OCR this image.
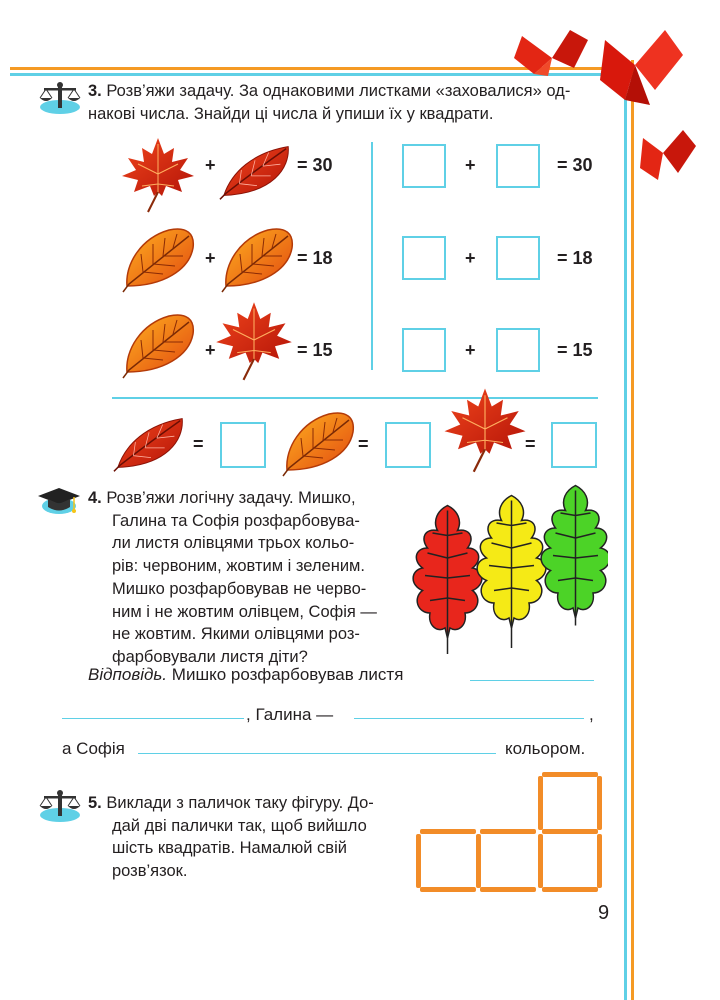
3. Розв’яжи задачу. За однаковими листками «заховалися» од-
накові числа. Знайди ці числа й упиши їх у квадрати.
+	= 30
+	= 18
+	= 15
+	= 30
+	= 18
+	= 15
=	=	=
4. Розв’яжи логічну задачу. Мишко,
Галина та Софія розфарбовува-
ли листя олівцями трьох кольо-
рів: червоним, жовтим і зеленим.
Мишко розфарбовував не черво-
ним і не жовтим олівцем, Софія —
не жовтим. Якими олівцями роз-
фарбовували листя діти?
Відповідь. Мишко розфарбовував листя
, Галина —	,
а Софія	кольором.
5. Виклади з паличок таку фігуру. До-
дай дві палички так, щоб вийшло
шість квадратів. Намалюй свій
розв’язок.
9
